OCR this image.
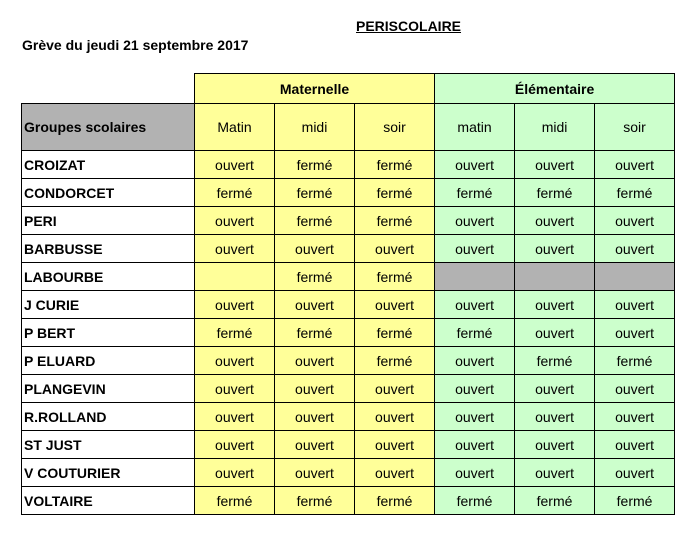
PERISCOLAIRE
Grève du jeudi 21 septembre 2017
	Maternelle			Élémentaire		
Groupes scolaires	Matin	midi	soir	matin	midi	soir
CROIZAT	ouvert	fermé	fermé	ouvert	ouvert	ouvert
CONDORCET	fermé	fermé	fermé	fermé	fermé	fermé
PERI	ouvert	fermé	fermé	ouvert	ouvert	ouvert
BARBUSSE	ouvert	ouvert	ouvert	ouvert	ouvert	ouvert
LABOURBE		fermé	fermé			
J CURIE	ouvert	ouvert	ouvert	ouvert	ouvert	ouvert
P BERT	fermé	fermé	fermé	fermé	ouvert	ouvert
P ELUARD	ouvert	ouvert	fermé	ouvert	fermé	fermé
PLANGEVIN	ouvert	ouvert	ouvert	ouvert	ouvert	ouvert
R.ROLLAND	ouvert	ouvert	ouvert	ouvert	ouvert	ouvert
ST JUST	ouvert	ouvert	ouvert	ouvert	ouvert	ouvert
V COUTURIER	ouvert	ouvert	ouvert	ouvert	ouvert	ouvert
VOLTAIRE	fermé	fermé	fermé	fermé	fermé	fermé
